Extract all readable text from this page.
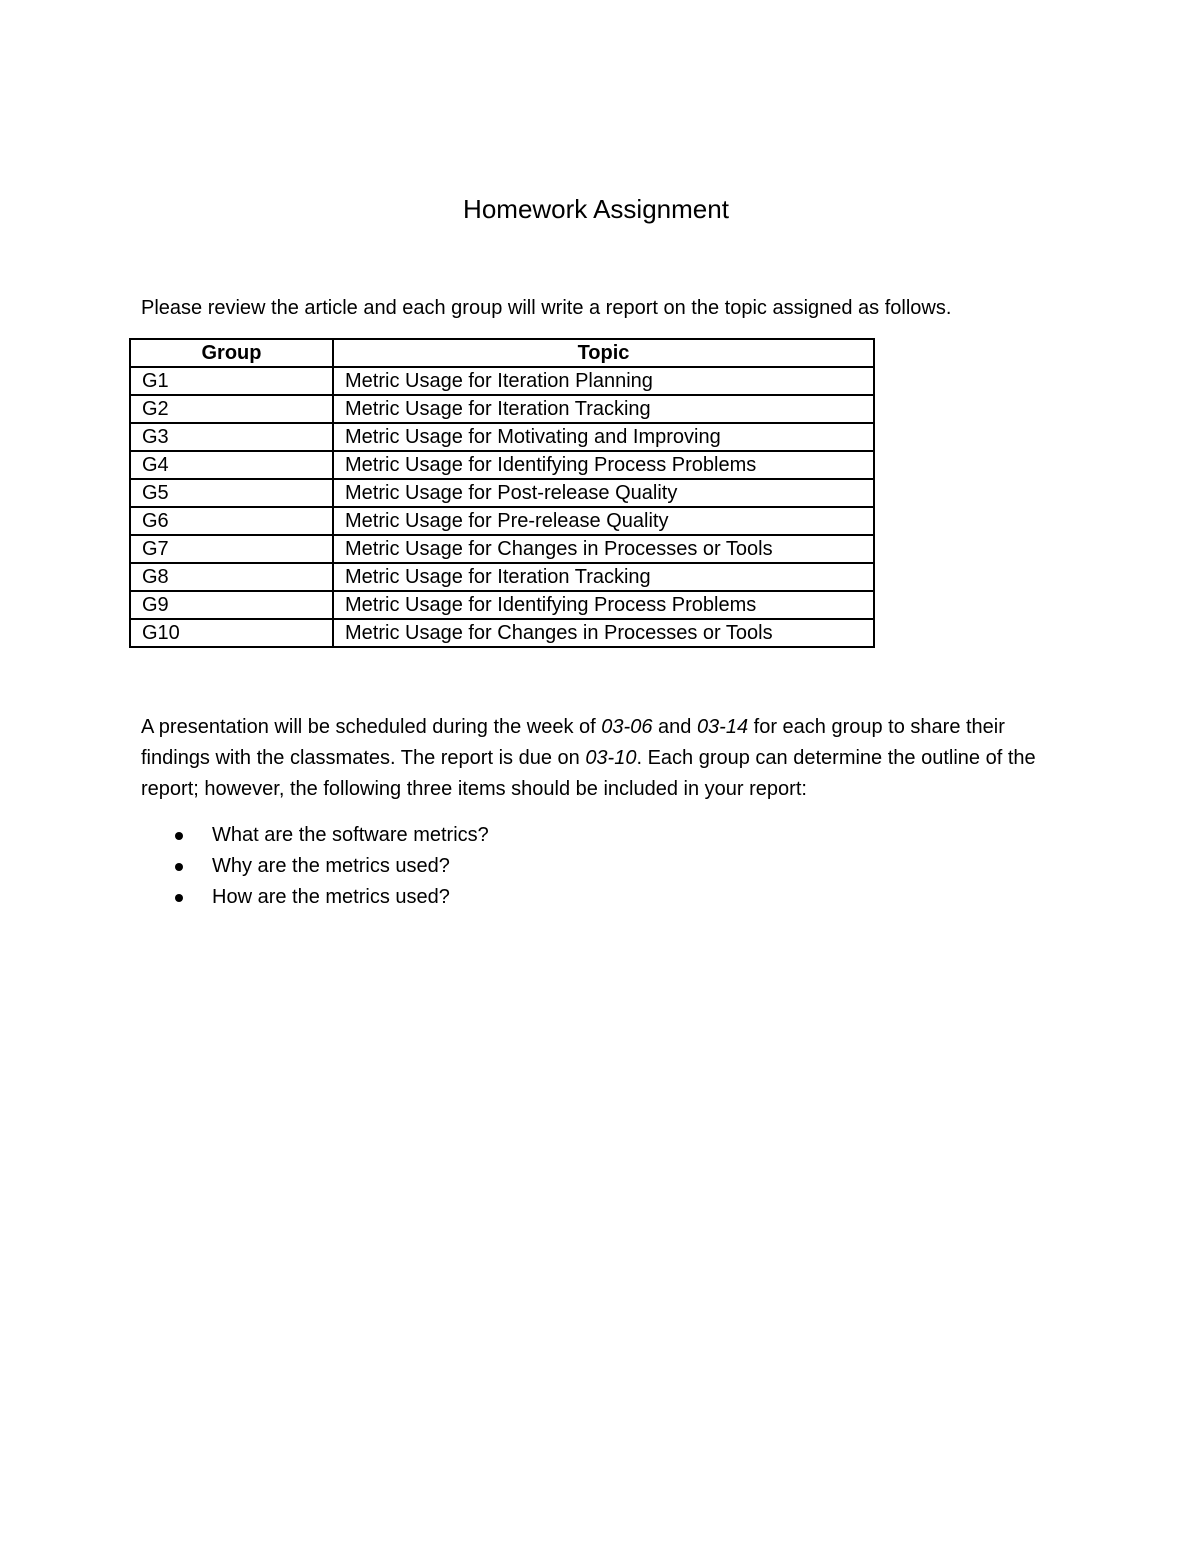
Homework Assignment

Please review the article and each group will write a report on the topic assigned as follows.

Group	Topic
G1	Metric Usage for Iteration Planning
G2	Metric Usage for Iteration Tracking
G3	Metric Usage for Motivating and Improving
G4	Metric Usage for Identifying Process Problems
G5	Metric Usage for Post-release Quality
G6	Metric Usage for Pre-release Quality
G7	Metric Usage for Changes in Processes or Tools
G8	Metric Usage for Iteration Tracking
G9	Metric Usage for Identifying Process Problems
G10	Metric Usage for Changes in Processes or Tools

A presentation will be scheduled during the week of 03-06 and 03-14 for each group to share their findings with the classmates. The report is due on 03-10. Each group can determine the outline of the report; however, the following three items should be included in your report:

What are the software metrics?
Why are the metrics used?
How are the metrics used?
